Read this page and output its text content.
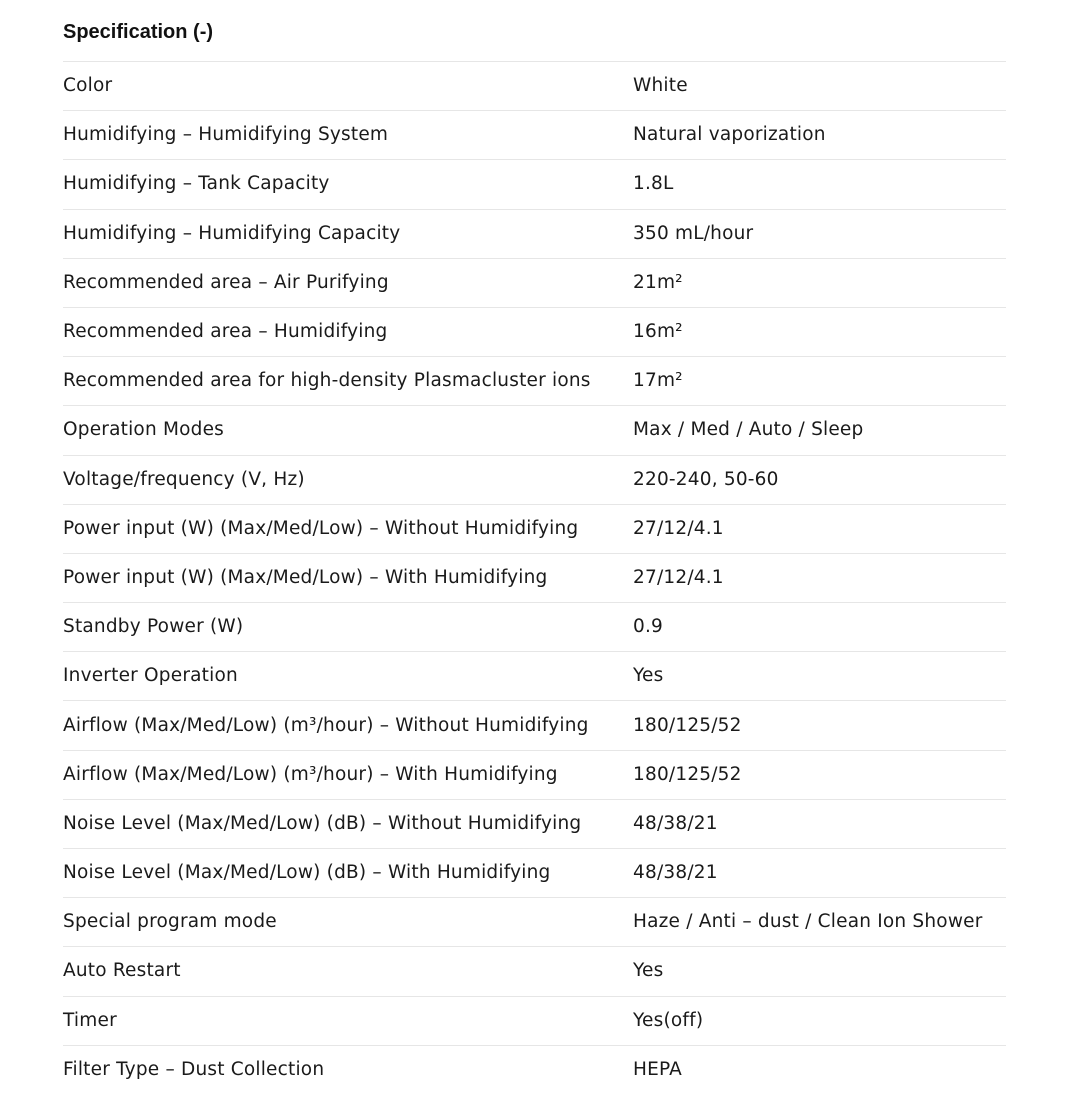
Specification (-)
Color	White
Humidifying – Humidifying System	Natural vaporization
Humidifying – Tank Capacity	1.8L
Humidifying – Humidifying Capacity	350 mL/hour
Recommended area – Air Purifying	21m²
Recommended area – Humidifying	16m²
Recommended area for high-density Plasmacluster ions	17m²
Operation Modes	Max / Med / Auto / Sleep
Voltage/frequency (V, Hz)	220-240, 50-60
Power input (W) (Max/Med/Low) – Without Humidifying	27/12/4.1
Power input (W) (Max/Med/Low) – With Humidifying	27/12/4.1
Standby Power (W)	0.9
Inverter Operation	Yes
Airflow (Max/Med/Low) (m³/hour) – Without Humidifying	180/125/52
Airflow (Max/Med/Low) (m³/hour) – With Humidifying	180/125/52
Noise Level (Max/Med/Low) (dB) – Without Humidifying	48/38/21
Noise Level (Max/Med/Low) (dB) – With Humidifying	48/38/21
Special program mode	Haze / Anti – dust / Clean Ion Shower
Auto Restart	Yes
Timer	Yes(off)
Filter Type – Dust Collection	HEPA
